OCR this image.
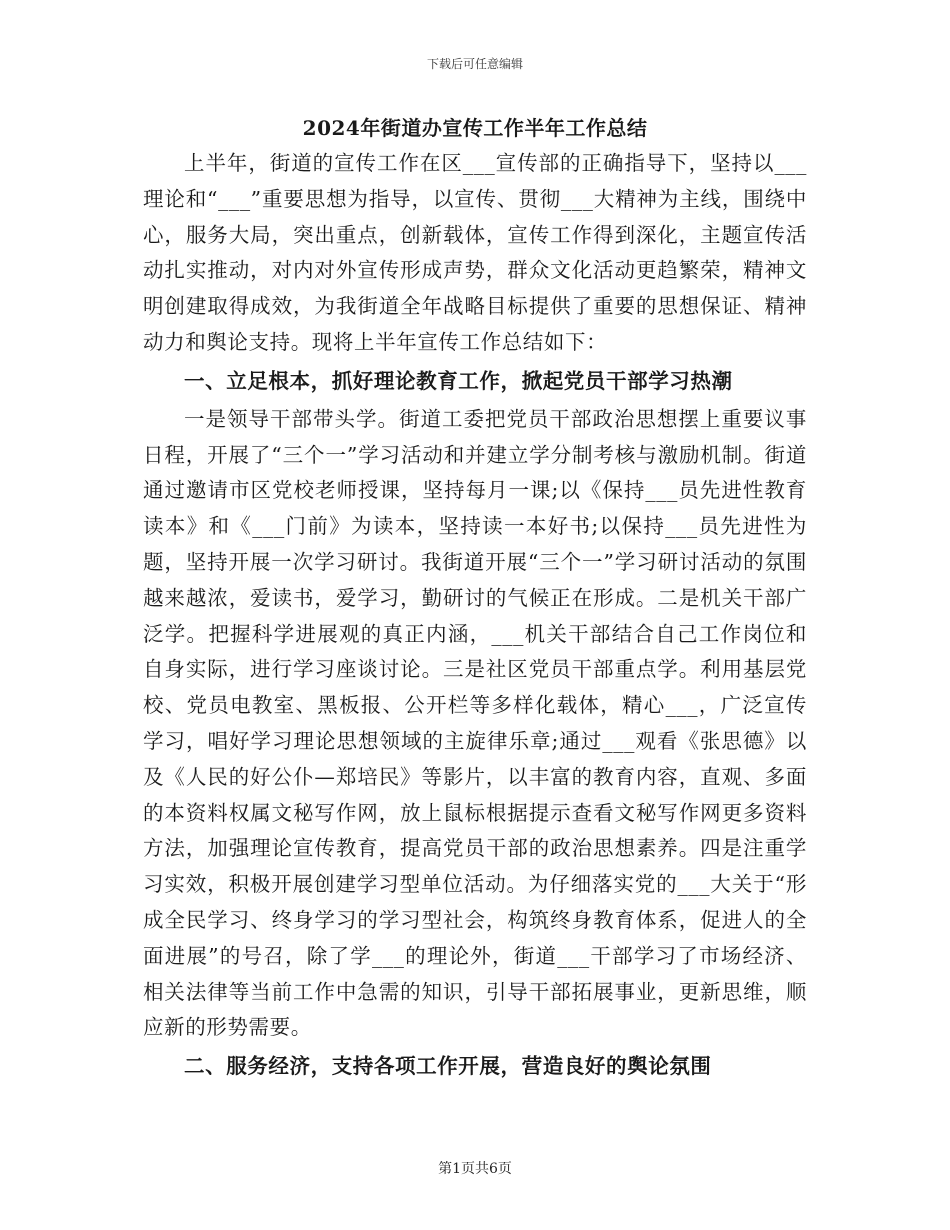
下载后可任意编辑
2024年街道办宣传工作半年工作总结

上半年，街道的宣传工作在区___宣传部的正确指导下，坚持以___理论和“___”重要思想为指导，以宣传、贯彻___大精神为主线，围绕中心，服务大局，突出重点，创新载体，宣传工作得到深化，主题宣传活动扎实推动，对内对外宣传形成声势，群众文化活动更趋繁荣，精神文明创建取得成效，为我街道全年战略目标提供了重要的思想保证、精神动力和舆论支持。现将上半年宣传工作总结如下：

一、立足根本，抓好理论教育工作，掀起党员干部学习热潮

一是领导干部带头学。街道工委把党员干部政治思想摆上重要议事日程，开展了“三个一”学习活动和并建立学分制考核与激励机制。街道通过邀请市区党校老师授课，坚持每月一课;以《保持___员先进性教育读本》和《___门前》为读本，坚持读一本好书;以保持___员先进性为题，坚持开展一次学习研讨。我街道开展“三个一”学习研讨活动的氛围越来越浓，爱读书，爱学习，勤研讨的气候正在形成。二是机关干部广泛学。把握科学进展观的真正内涵，___机关干部结合自己工作岗位和自身实际，进行学习座谈讨论。三是社区党员干部重点学。利用基层党校、党员电教室、黑板报、公开栏等多样化载体，精心___，广泛宣传学习，唱好学习理论思想领域的主旋律乐章;通过___观看《张思德》以及《人民的好公仆—郑培民》等影片，以丰富的教育内容，直观、多面的本资料权属文秘写作网，放上鼠标根据提示查看文秘写作网更多资料方法，加强理论宣传教育，提高党员干部的政治思想素养。四是注重学习实效，积极开展创建学习型单位活动。为仔细落实党的___大关于“形成全民学习、终身学习的学习型社会，构筑终身教育体系，促进人的全面进展”的号召，除了学___的理论外，街道___干部学习了市场经济、相关法律等当前工作中急需的知识，引导干部拓展事业，更新思维，顺应新的形势需要。

二、服务经济，支持各项工作开展，营造良好的舆论氛围
第1页共6页
